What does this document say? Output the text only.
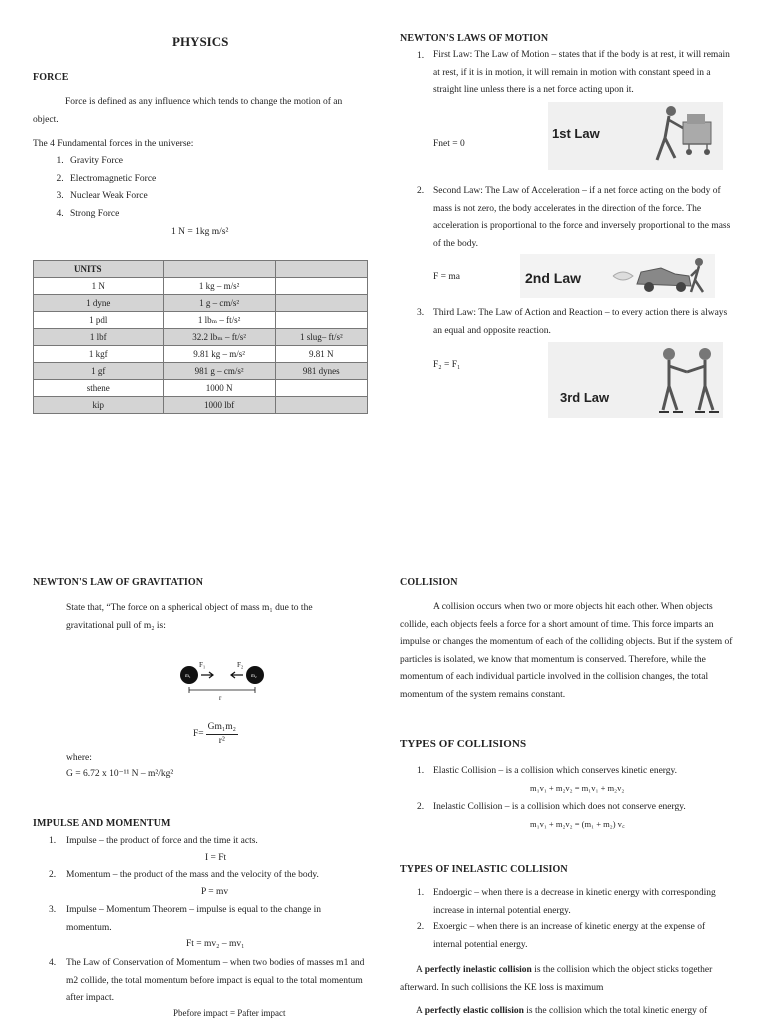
PHYSICS
FORCE

Force is defined as any influence which tends to change the motion of an object.

The 4 Fundamental forces in the universe:

1. Gravity Force
2. Electromagnetic Force
3. Nuclear Weak Force
4. Strong Force
1 N = 1kg m/s²
UNITS		
1 N	1 kg – m/s²	
1 dyne	1 g – cm/s²	
1 pdl	1 lbₘ – ft/s²	
1 lbf	32.2 lbₘ – ft/s²	1 slug– ft/s²
1 kgf	9.81 kg – m/s²	9.81 N
1 gf	981 g – cm/s²	981 dynes
sthene	1000 N	
kip	1000 lbf	
NEWTON'S LAWS OF MOTION
1. First Law: The Law of Motion – states that if the body is at rest, it will remain at rest, if it is in motion, it will remain in motion with constant speed in a straight line unless there is a net force acting upon it.

Fnet = 0
1st Law
2. Second Law: The Law of Acceleration – if a net force acting on the body of mass is not zero, the body accelerates in the direction of the force. The acceleration is proportional to the force and inversely proportional to the mass of the body.

F = ma	2nd Law
3. Third Law: The Law of Action and Reaction – to every action there is always an equal and opposite reaction.

F₂ = F₁
3rd Law
NEWTON'S LAW OF GRAVITATION

State that, “The force on a spherical object of mass m₁ due to the gravitational pull of m₂ is:

m₁	m₂
F₁	F₂
r
$F= \frac{\text{Gm₁m₂}}{\text{r²}}$
where:
G = 6.72 x 10⁻¹¹ N – m²/kg²
IMPULSE AND MOMENTUM
1. Impulse – the product of force and the time it acts.
I = Ft
2. Momentum – the product of the mass and the velocity of the body.
P = mv
3. Impulse – Momentum Theorem – impulse is equal to the change in momentum.

Ft = mv₂ – mv₁
4. The Law of Conservation of Momentum – when two bodies of masses m1 and m2 collide, the total momentum before impact is equal to the total momentum after impact.

Pbefore impact = Pafter impact
COLLISION

A collision occurs when two or more objects hit each other. When objects collide, each objects feels a force for a short amount of time. This force imparts an impulse or changes the momentum of each of the colliding objects. But if the system of particles is isolated, we know that momentum is conserved. Therefore, while the momentum of each individual particle involved in the collision changes, the total momentum of the system remains constant.

TYPES OF COLLISIONS
1. Elastic Collision – is a collision which conserves kinetic energy.
m₁v₁ + m₂v₂ = m₁v₁ + m₂v₂
2. Inelastic Collision – is a collision which does not conserve energy.
m₁v₁ + m₂v₂ = (m₁ + m₂) v꜀
TYPES OF INELASTIC COLLISION
1. Endoergic – when there is a decrease in kinetic energy with corresponding increase in internal potential energy.

2. Exoergic – when there is an increase of kinetic energy at the expense of internal potential energy.

A perfectly inelastic collision is the collision which the object sticks together afterward. In such collisions the KE loss is maximum

A perfectly elastic collision is the collision which the total kinetic energy of
